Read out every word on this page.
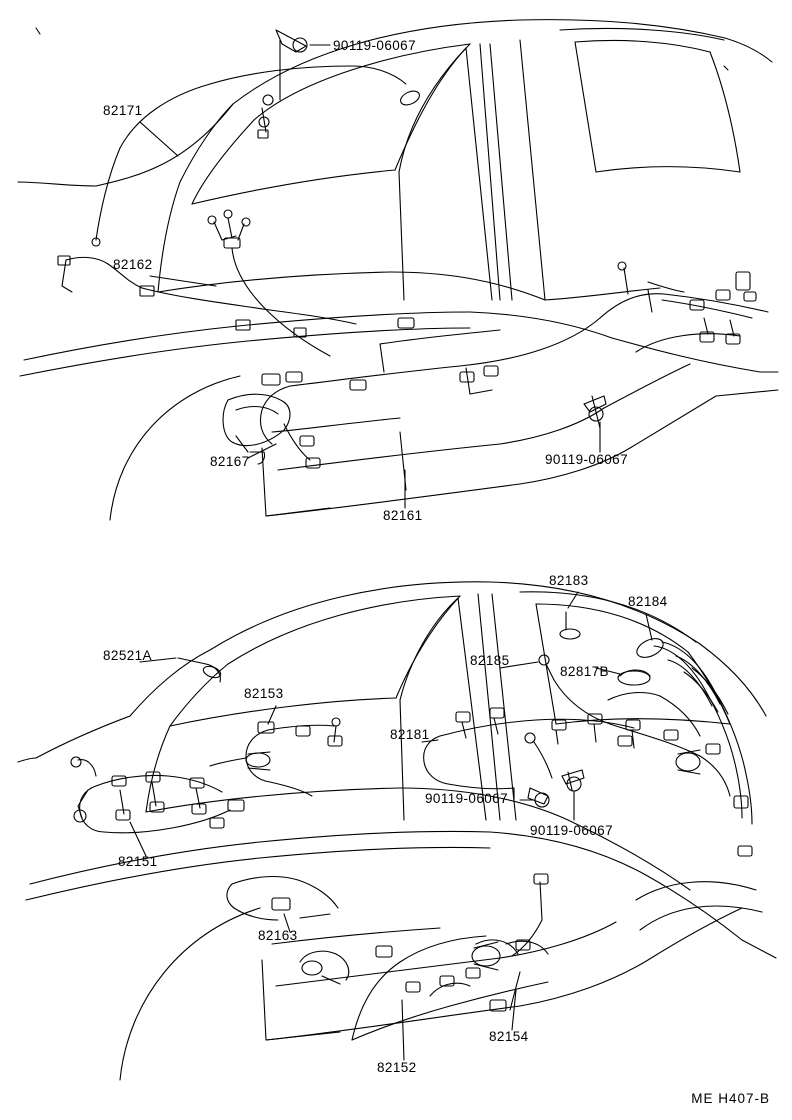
90119-06067
82171
82162
82167
82161
90119-06067
82183
82184
82521A	82185
82817B
82153
82181
90119-06067
90119-06067
82151
82163
82154
82152
ME H407-B
